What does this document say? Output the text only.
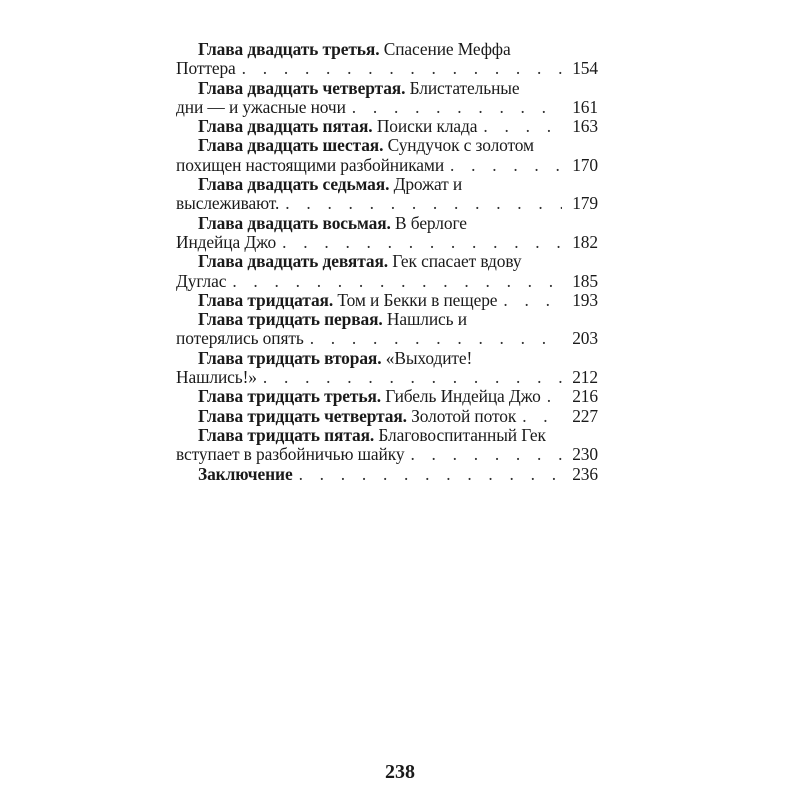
Глава двадцать третья. Спасение Меффа
Поттера . . .	154
Глава двадцать четвертая. Блистательные
дни — и ужасные ночи . . .	161
Глава двадцать пятая. Поиски клада . . .	163
Глава двадцать шестая. Сундучок с золотом
похищен настоящими разбойниками . . .	170
Глава двадцать седьмая. Дрожат и
выслеживают. . . .	179
Глава двадцать восьмая. В берлоге
Индейца Джо . . .	182
Глава двадцать девятая. Гек спасает вдову
Дуглас . . .	185
Глава тридцатая. Том и Бекки в пещере . . .	193
Глава тридцать первая. Нашлись и
потерялись опять . . .	203
Глава тридцать вторая. «Выходите!
Нашлись!» . . .	212
Глава тридцать третья. Гибель Индейца Джо . . . 216
Глава тридцать четвертая. Золотой поток . . .	227
Глава тридцать пятая. Благовоспитанный Гек
вступает в разбойничью шайку . . .	230
Заключение . . .	236
238
